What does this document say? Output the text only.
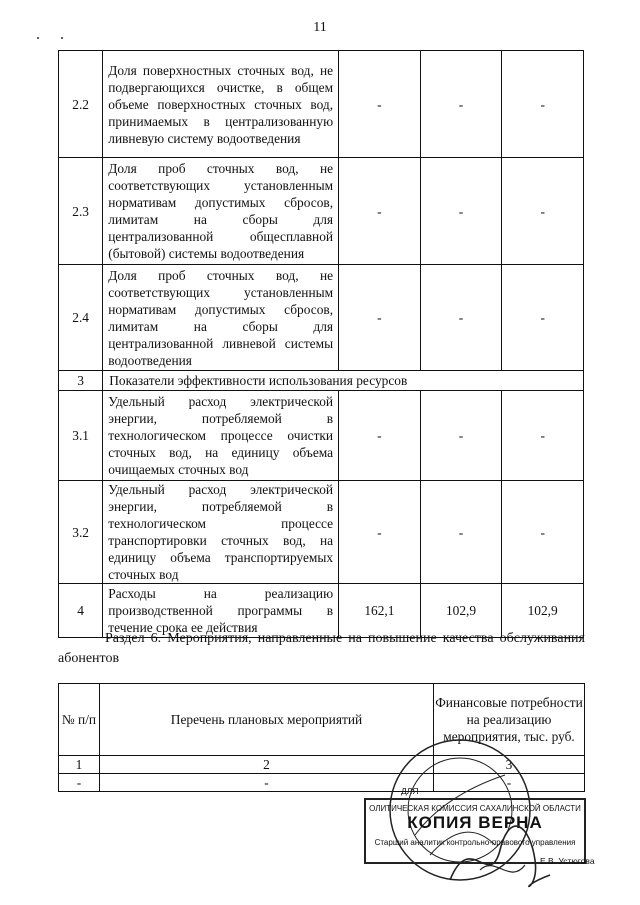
11
2.2	Доля поверхностных сточных вод, не подвергающихся очистке, в общем объеме поверхностных сточных вод, принимаемых в централизованную ливневую систему водоотведения	-	-	-
2.3	Доля проб сточных вод, не соответствующих установленным нормативам допустимых сбросов, лимитам на сборы для централизованной общесплавной (бытовой) системы водоотведения	-	-	-
2.4	Доля проб сточных вод, не соответствующих установленным нормативам допустимых сбросов, лимитам на сборы для централизованной ливневой системы водоотведения	-	-	-
3	Показатели эффективности использования ресурсов			
3.1	Удельный расход электрической энергии, потребляемой в технологическом процессе очистки сточных вод, на единицу объема очищаемых сточных вод	-	-	-
3.2	Удельный расход электрической энергии, потребляемой в технологическом процессе транспортировки сточных вод, на единицу объема транспортируемых сточных вод	-	-	-
4	Расходы на реализацию производственной программы в течение срока ее действия	162,1	102,9	102,9
Раздел 6. Мероприятия, направленные на повышение качества обслуживания абонентов
№ п/п	Перечень плановых мероприятий	Финансовые потребности на реализацию мероприятия, тыс. руб.
1	2	3
-	-	-
ДЛЯ
ОЛИТИЧЕСКАЯ КОМИССИЯ САХАЛИНСКОЙ ОБЛАСТИ
КОПИЯ ВЕРНА
Старший аналитик контрольно-правового управления
Е.В. Устюгова
